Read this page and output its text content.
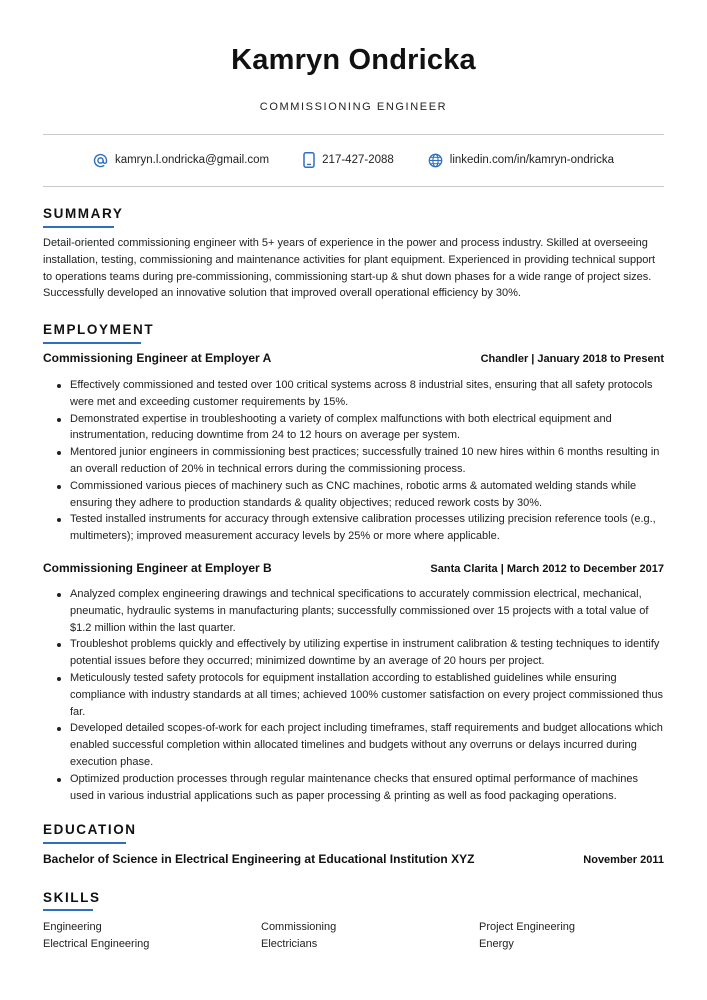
Kamryn Ondricka
COMMISSIONING ENGINEER
kamryn.l.ondricka@gmail.com	217-427-2088	linkedin.com/in/kamryn-ondricka
SUMMARY
Detail-oriented commissioning engineer with 5+ years of experience in the power and process industry. Skilled at overseeing installation, testing, commissioning and maintenance activities for plant equipment. Experienced in providing technical support to operations teams during pre-commissioning, commissioning start-up & shut down phases for a wide range of project sizes. Successfully developed an innovative solution that improved overall operational efficiency by 30%.
EMPLOYMENT
Commissioning Engineer at Employer A	Chandler | January 2018 to Present
Effectively commissioned and tested over 100 critical systems across 8 industrial sites, ensuring that all safety protocols were met and exceeding customer requirements by 15%.
Demonstrated expertise in troubleshooting a variety of complex malfunctions with both electrical equipment and instrumentation, reducing downtime from 24 to 12 hours on average per system.
Mentored junior engineers in commissioning best practices; successfully trained 10 new hires within 6 months resulting in an overall reduction of 20% in technical errors during the commissioning process.
Commissioned various pieces of machinery such as CNC machines, robotic arms & automated welding stands while ensuring they adhere to production standards & quality objectives; reduced rework costs by 30%.
Tested installed instruments for accuracy through extensive calibration processes utilizing precision reference tools (e.g., multimeters); improved measurement accuracy levels by 25% or more where applicable.
Commissioning Engineer at Employer B	Santa Clarita | March 2012 to December 2017
Analyzed complex engineering drawings and technical specifications to accurately commission electrical, mechanical, pneumatic, hydraulic systems in manufacturing plants; successfully commissioned over 15 projects with a total value of $1.2 million within the last quarter.
Troubleshot problems quickly and effectively by utilizing expertise in instrument calibration & testing techniques to identify potential issues before they occurred; minimized downtime by an average of 20 hours per project.
Meticulously tested safety protocols for equipment installation according to established guidelines while ensuring compliance with industry standards at all times; achieved 100% customer satisfaction on every project commissioned thus far.
Developed detailed scopes-of-work for each project including timeframes, staff requirements and budget allocations which enabled successful completion within allocated timelines and budgets without any overruns or delays incurred during execution phase.
Optimized production processes through regular maintenance checks that ensured optimal performance of machines used in various industrial applications such as paper processing & printing as well as food packaging operations.
EDUCATION
Bachelor of Science in Electrical Engineering at Educational Institution XYZ	November 2011
SKILLS
Engineering	Commissioning	Project Engineering
Electrical Engineering	Electricians	Energy
